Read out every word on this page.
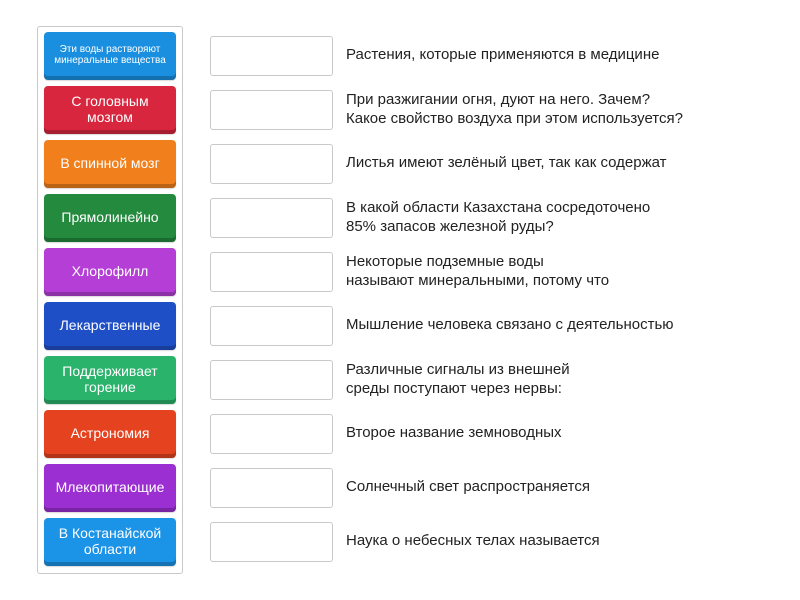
Эти воды растворяют минеральные вещества
С головным мозгом
В спинной мозг
Прямолинейно
Хлорофилл
Лекарственные
Поддерживает горение
Астрономия
Млекопитающие
В Костанайской области
Растения, которые применяются в медицине
При разжигании огня, дуют на него. Зачем?
Какое свойство воздуха при этом используется?
Листья имеют зелёный цвет, так как содержат
В какой области Казахстана сосредоточено
85% запасов железной руды?
Некоторые подземные воды
называют минеральными, потому что
Мышление человека связано с деятельностью
Различные сигналы из внешней
среды поступают через нервы:
Второе название земноводных
Солнечный свет распространяется
Наука о небесных телах называется
